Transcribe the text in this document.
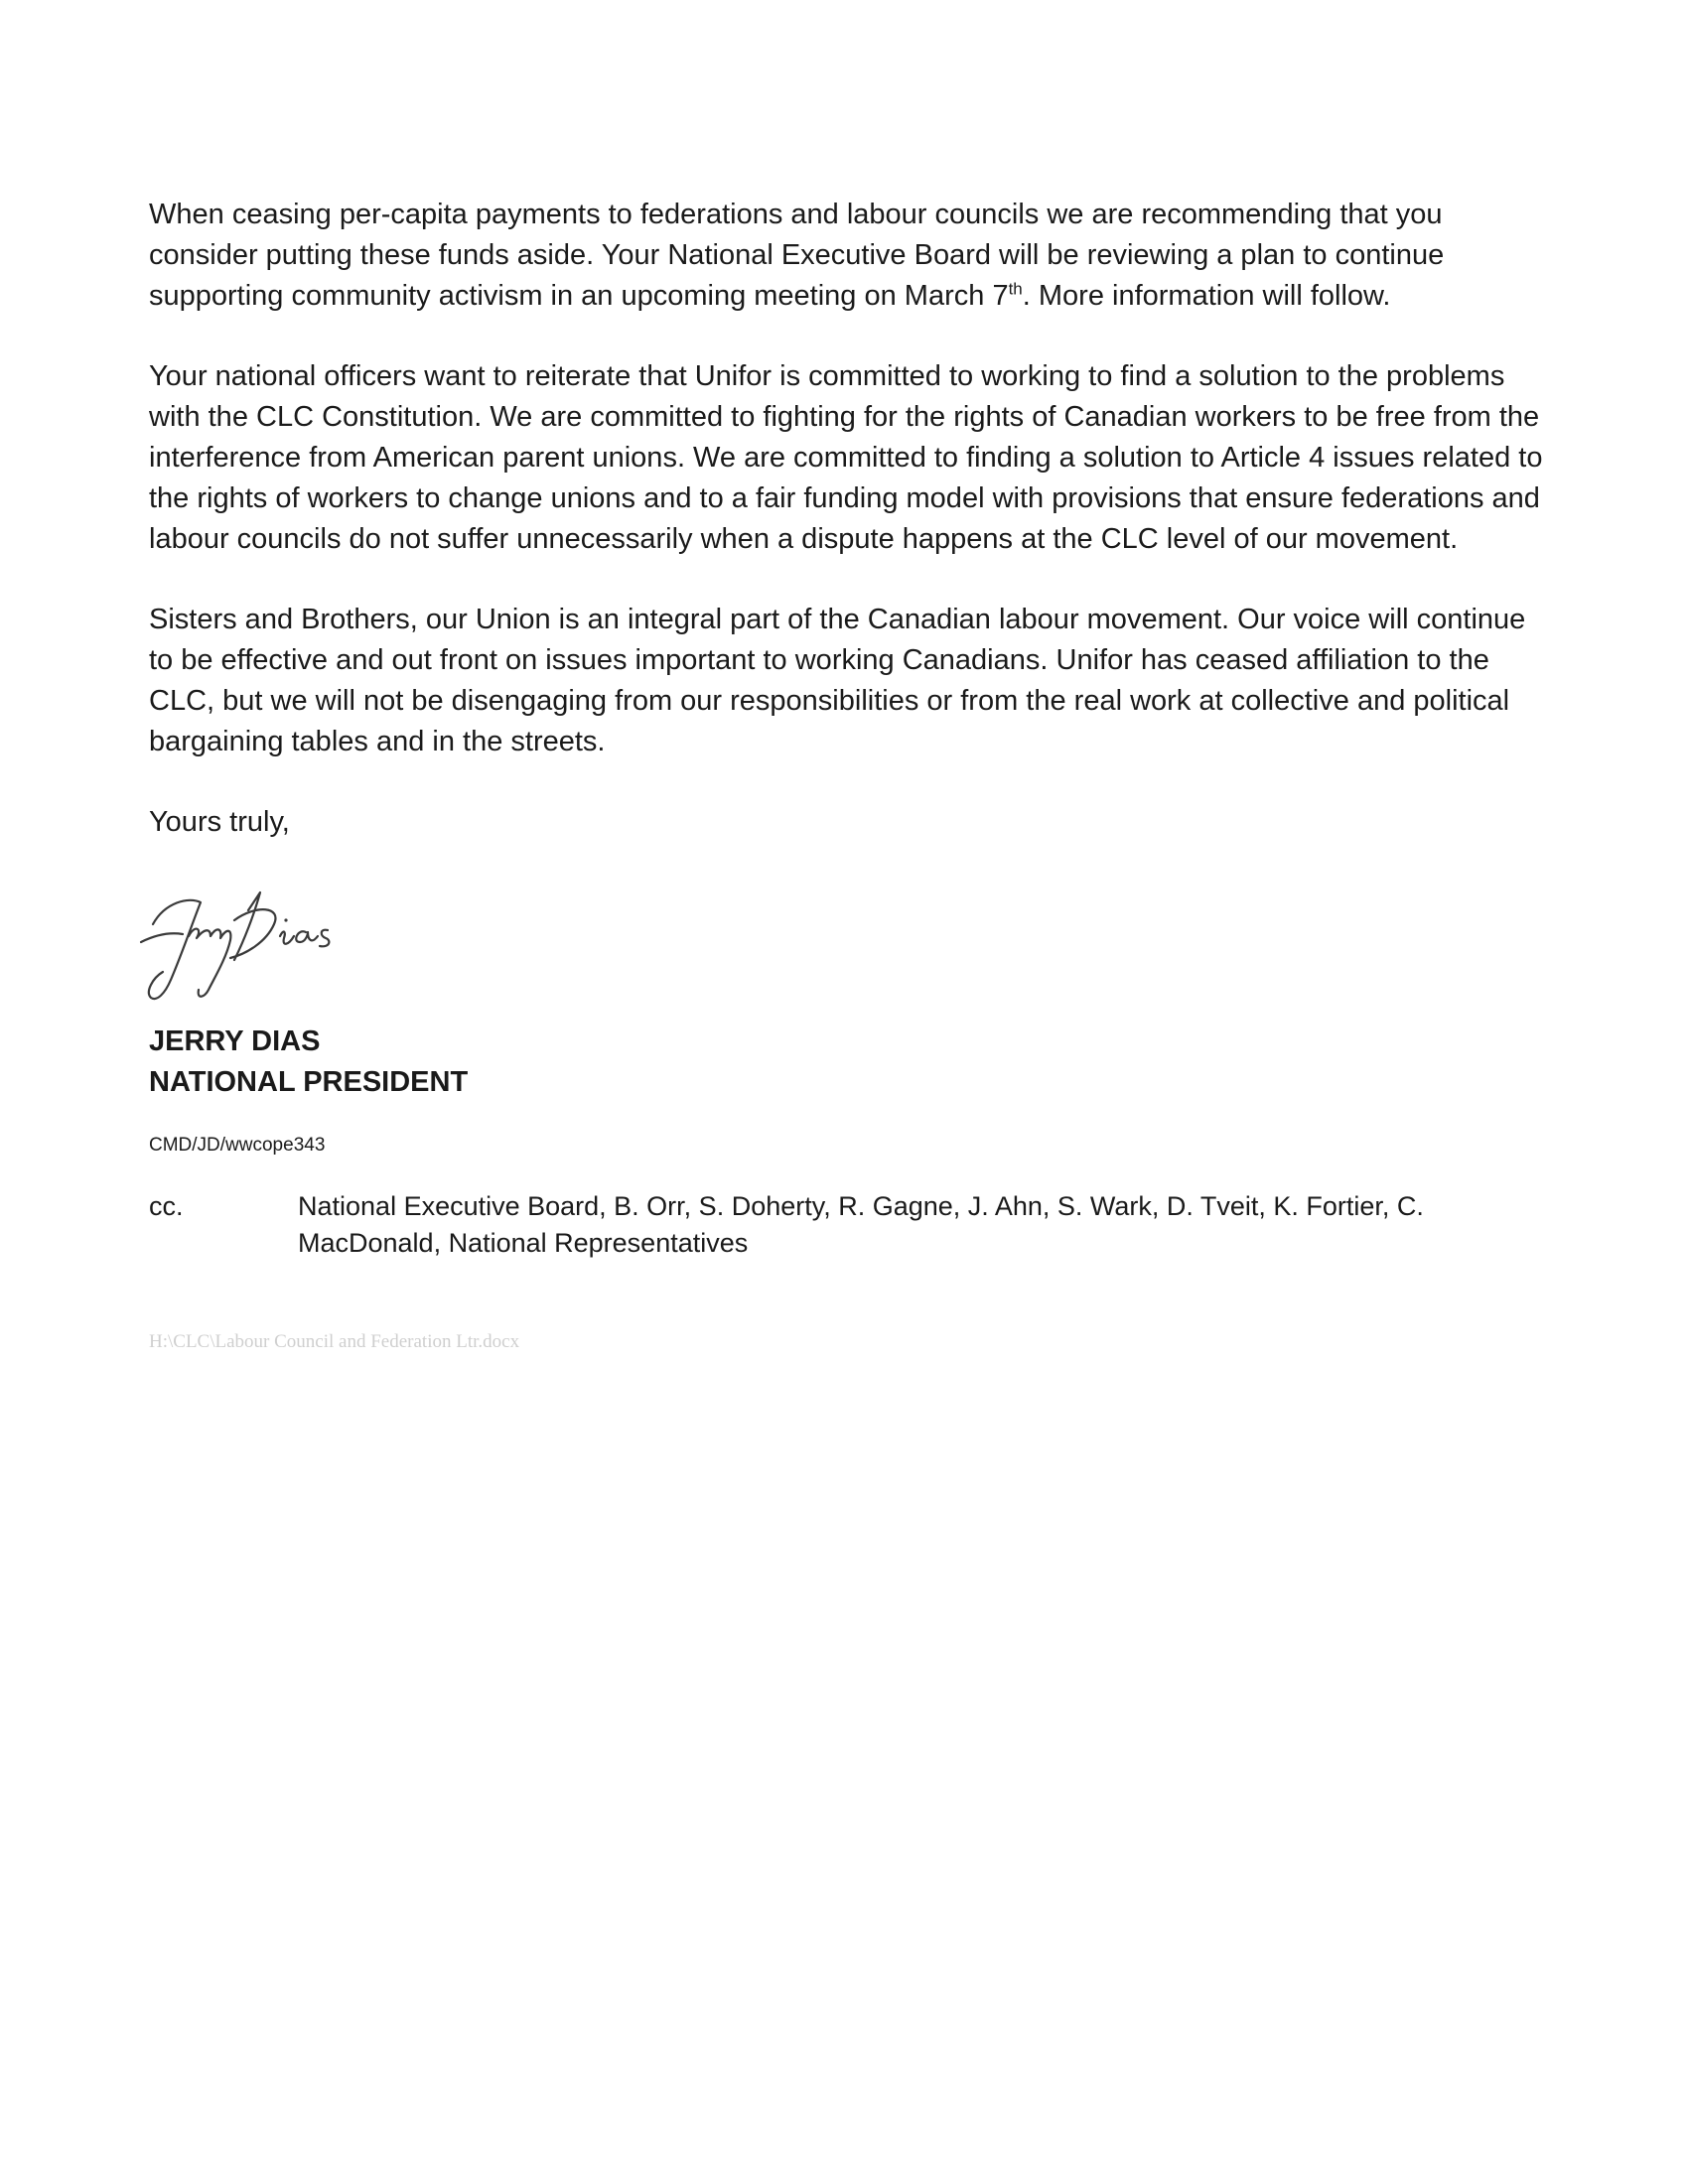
When ceasing per-capita payments to federations and labour councils we are recommending that you consider putting these funds aside. Your National Executive Board will be reviewing a plan to continue supporting community activism in an upcoming meeting on March 7th. More information will follow.

Your national officers want to reiterate that Unifor is committed to working to find a solution to the problems with the CLC Constitution. We are committed to fighting for the rights of Canadian workers to be free from the interference from American parent unions. We are committed to finding a solution to Article 4 issues related to the rights of workers to change unions and to a fair funding model with provisions that ensure federations and labour councils do not suffer unnecessarily when a dispute happens at the CLC level of our movement.

Sisters and Brothers, our Union is an integral part of the Canadian labour movement. Our voice will continue to be effective and out front on issues important to working Canadians. Unifor has ceased affiliation to the CLC, but we will not be disengaging from our responsibilities or from the real work at collective and political bargaining tables and in the streets.

Yours truly,

JERRY DIAS
NATIONAL PRESIDENT
CMD/JD/wwcope343
cc.	National Executive Board, B. Orr, S. Doherty, R. Gagne, J. Ahn, S. Wark, D. Tveit, K. Fortier, C. MacDonald, National Representatives
H:\CLC\Labour Council and Federation Ltr.docx
